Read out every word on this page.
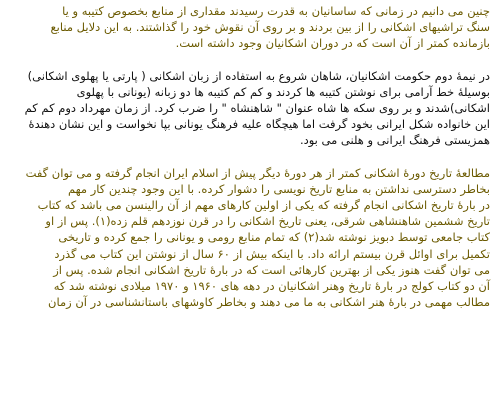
چنین می دانیم در زمانی که ساسانیان به قدرت رسیدند مقداری از منابع بخصوص کتیبه و یا
سنگ تراشیهای اشکانی را از بین بردند و بر روی آن نقوش خود را گذاشتند. به این دلایل منابع
بازمانده کمتر از آن است که در دوران اشکانیان وجود داشته است.

در نیمهٔ دوم حکومت اشکانیان، شاهان شروع به استفاده از زبان اشکانی ( پارتی یا پهلوی اشکانی)
بوسیلهٔ خط آرامی برای نوشتن کتیبه ها کردند و کم کم کتیبه ها دو زبانه (یونانی با پهلوی
اشکانی)شدند و بر روی سکه ها شاه عنوان " شاهنشاه " را ضرب کرد. از زمان مهرداد دوم کم کم
این خانواده شکل ایرانی بخود گرفت اما هیچگاه علیه فرهنگ یونانی بپا نخواست و این نشان دهندهٔ
همزیستی فرهنگ ایرانی و هلنی می بود.

مطالعهٔ تاریخ دورهٔ اشکانی کمتر از هر دورهٔ دیگر پیش از اسلام ایران انجام گرفته و می توان گفت
بخاطر دسترسی نداشتن به منابع تاریخ نویسی را دشوار کرده. با این وجود چندین کار مهم
در بارهٔ تاریخ اشکانی انجام گرفته که یکی از اولین کارهای مهم از آن رالینسن می باشد که کتاب
تاریخ ششمین شاهنشاهی شرقی، یعنی تاریخ اشکانی را در قرن نوزدهم قلم زده(۱). پس از او
کتاب جامعی توسط دبویز نوشته شد(۲) که تمام منابع رومی و یونانی را جمع کرده و تاریخی
تکمیل برای اوائل قرن بیستم ارائه داد. با اینکه بیش از ۶۰ سال از نوشتن این کتاب می گذرد
می توان گفت هنوز یکی از بهترین کارهائی است که در بارهٔ تاریخ اشکانی انجام شده. پس از
آن دو کتاب کولج در بارهٔ تاریخ وهنر اشکانیان در دهه های ۱۹۶۰ و ۱۹۷۰ میلادی نوشته شد که
مطالب مهمی در بارهٔ هنر اشکانی به ما می دهند و بخاطر کاوشهای باستانشناسی در آن زمان
